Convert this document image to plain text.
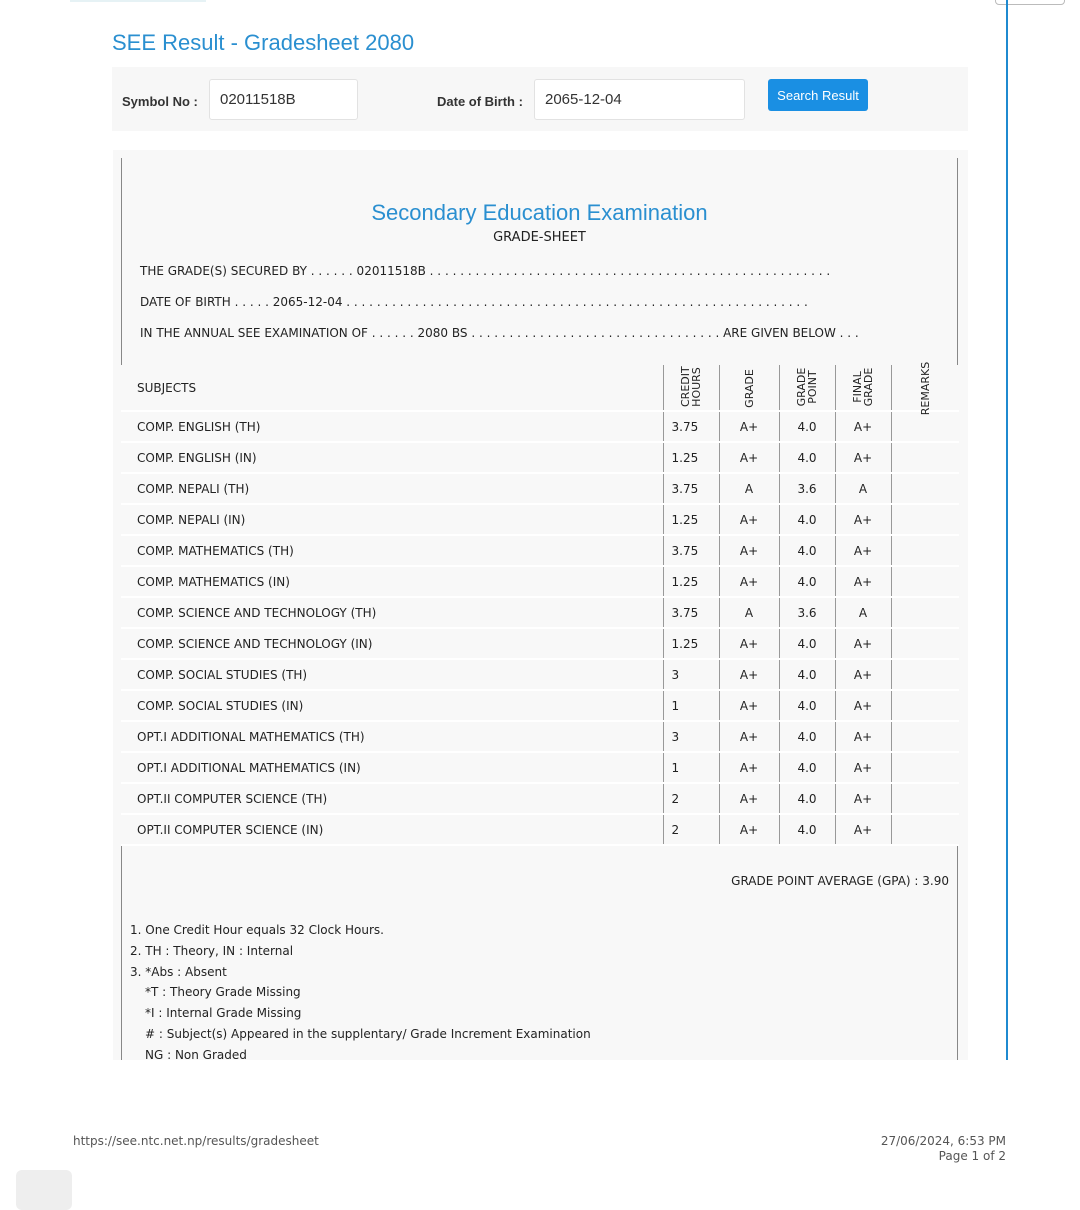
SEE Result - Gradesheet 2080
Symbol No :	02011518B	Date of Birth :	2065-12-04	Search Result
Secondary Education Examination
GRADE-SHEET
THE GRADE(S) SECURED BY . . . . . . 02011518B . . . . . . . . . . . . . . . . . . . . . . . . . . . . . . . . . . . . . . . . . . . . . . . . . . . . .
DATE OF BIRTH . . . . . 2065-12-04 . . . . . . . . . . . . . . . . . . . . . . . . . . . . . . . . . . . . . . . . . . . . . . . . . . . . . . . . . . . . .
IN THE ANNUAL SEE EXAMINATION OF . . . . . . 2080 BS . . . . . . . . . . . . . . . . . . . . . . . . . . . . . . . . . ARE GIVEN BELOW . . .
GRADE POINT AVERAGE (GPA) : 3.90
1. One Credit Hour equals 32 Clock Hours.
2. TH : Theory, IN : Internal
3. *Abs : Absent
*T : Theory Grade Missing
*I : Internal Grade Missing
# : Subject(s) Appeared in the supplentary/ Grade Increment Examination
NG : Non Graded
SUBJECTS	CREDIT HOURS	GRADE	GRADE POINT	FINAL GRADE	REMARKS
COMP. ENGLISH (TH)	3.75	A+	4.0	A+	
COMP. ENGLISH (IN)	1.25	A+	4.0	A+	
COMP. NEPALI (TH)	3.75	A	3.6	A	
COMP. NEPALI (IN)	1.25	A+	4.0	A+	
COMP. MATHEMATICS (TH)	3.75	A+	4.0	A+	
COMP. MATHEMATICS (IN)	1.25	A+	4.0	A+	
COMP. SCIENCE AND TECHNOLOGY (TH)	3.75	A	3.6	A	
COMP. SCIENCE AND TECHNOLOGY (IN)	1.25	A+	4.0	A+	
COMP. SOCIAL STUDIES (TH)	3	A+	4.0	A+	
COMP. SOCIAL STUDIES (IN)	1	A+	4.0	A+	
OPT.I ADDITIONAL MATHEMATICS (TH)	3	A+	4.0	A+	
OPT.I ADDITIONAL MATHEMATICS (IN)	1	A+	4.0	A+	
OPT.II COMPUTER SCIENCE (TH)	2	A+	4.0	A+	
OPT.II COMPUTER SCIENCE (IN)	2	A+	4.0	A+	
https://see.ntc.net.np/results/gradesheet	27/06/2024, 6:53 PM
Page 1 of 2
